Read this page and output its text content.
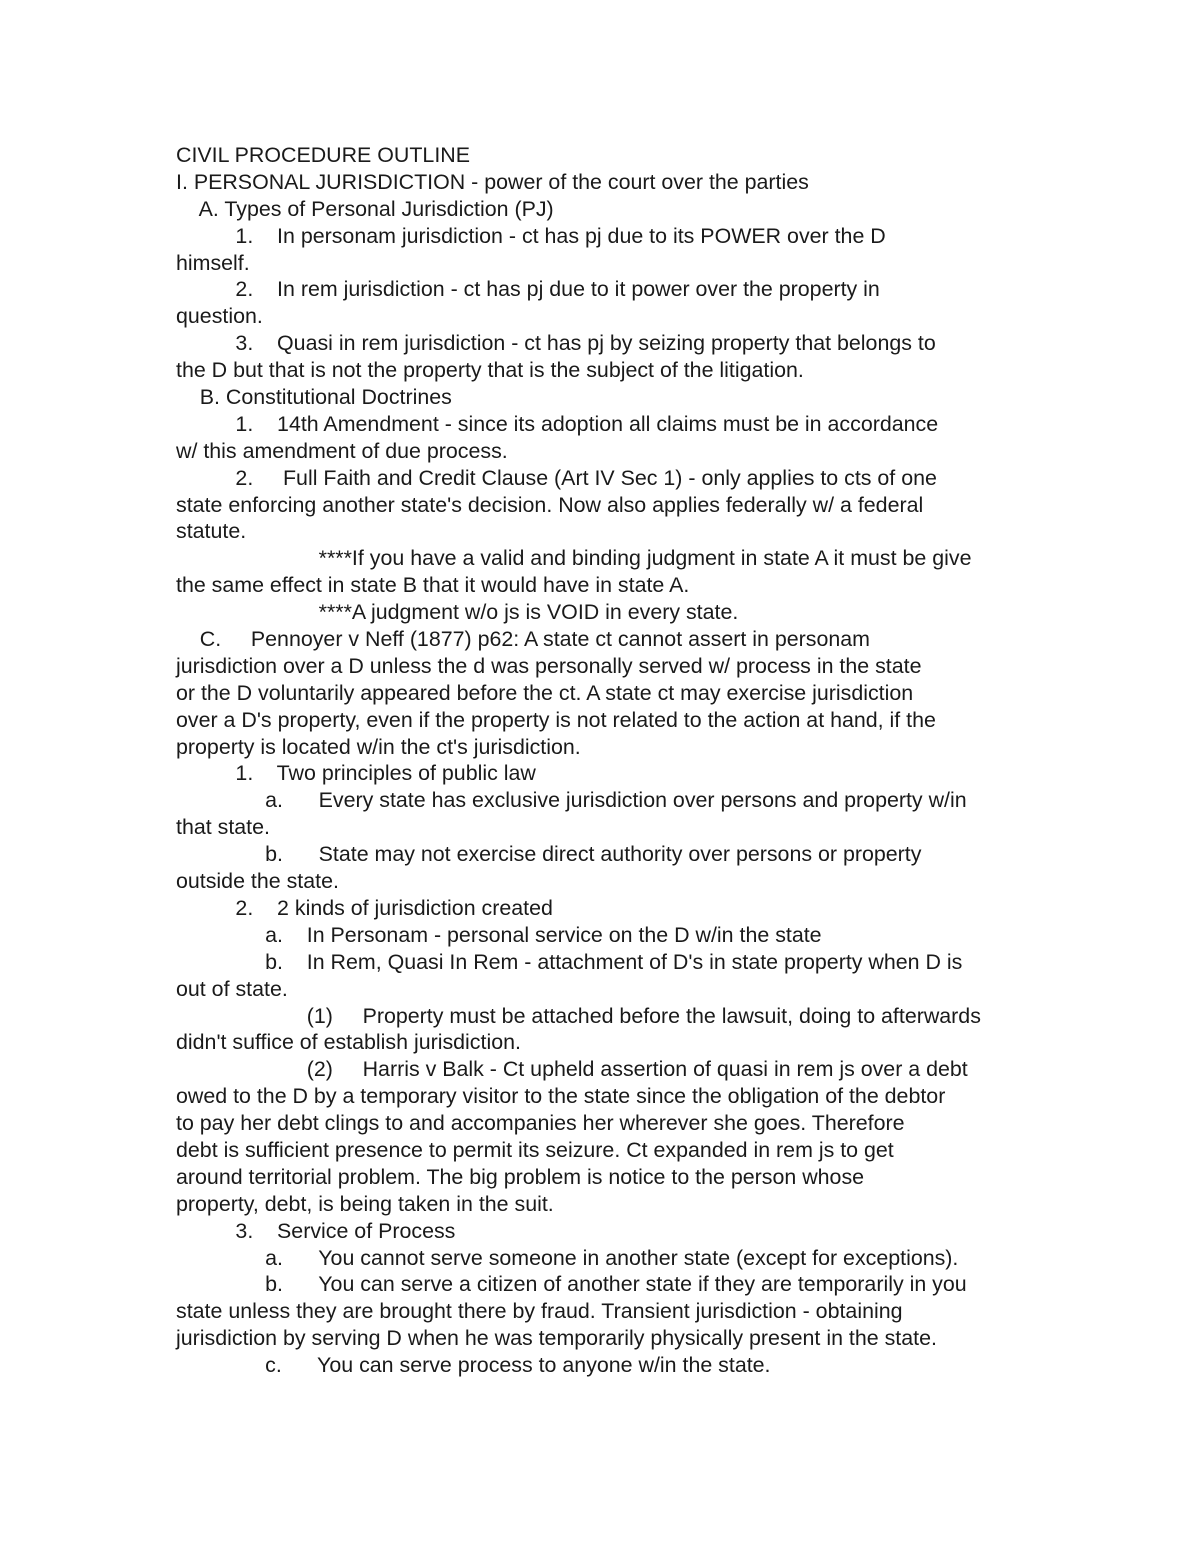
CIVIL PROCEDURE OUTLINE
I. PERSONAL JURISDICTION - power of the court over the parties
A. Types of Personal Jurisdiction (PJ)
1.    In personam jurisdiction - ct has pj due to its POWER over the D
himself.
2.    In rem jurisdiction - ct has pj due to it power over the property in
question.
3.    Quasi in rem jurisdiction - ct has pj by seizing property that belongs to
the D but that is not the property that is the subject of the litigation.
B. Constitutional Doctrines
1.    14th Amendment - since its adoption all claims must be in accordance
w/ this amendment of due process.
2.     Full Faith and Credit Clause (Art IV Sec 1) - only applies to cts of one
state enforcing another state's decision. Now also applies federally w/ a federal
statute.
****If you have a valid and binding judgment in state A it must be give
the same effect in state B that it would have in state A.
****A judgment w/o js is VOID in every state.
C.     Pennoyer v Neff (1877) p62: A state ct cannot assert in personam
jurisdiction over a D unless the d was personally served w/ process in the state
or the D voluntarily appeared before the ct. A state ct may exercise jurisdiction
over a D's property, even if the property is not related to the action at hand, if the
property is located w/in the ct's jurisdiction.
1.    Two principles of public law
a.      Every state has exclusive jurisdiction over persons and property w/in
that state.
b.      State may not exercise direct authority over persons or property
outside the state.
2.    2 kinds of jurisdiction created
a.    In Personam - personal service on the D w/in the state
b.    In Rem, Quasi In Rem - attachment of D's in state property when D is
out of state.
(1)     Property must be attached before the lawsuit, doing to afterwards
didn't suffice of establish jurisdiction.
(2)     Harris v Balk - Ct upheld assertion of quasi in rem js over a debt
owed to the D by a temporary visitor to the state since the obligation of the debtor
to pay her debt clings to and accompanies her wherever she goes. Therefore
debt is sufficient presence to permit its seizure. Ct expanded in rem js to get
around territorial problem. The big problem is notice to the person whose
property, debt, is being taken in the suit.
3.    Service of Process
a.      You cannot serve someone in another state (except for exceptions).
b.      You can serve a citizen of another state if they are temporarily in you
state unless they are brought there by fraud. Transient jurisdiction - obtaining
jurisdiction by serving D when he was temporarily physically present in the state.
c.      You can serve process to anyone w/in the state.
